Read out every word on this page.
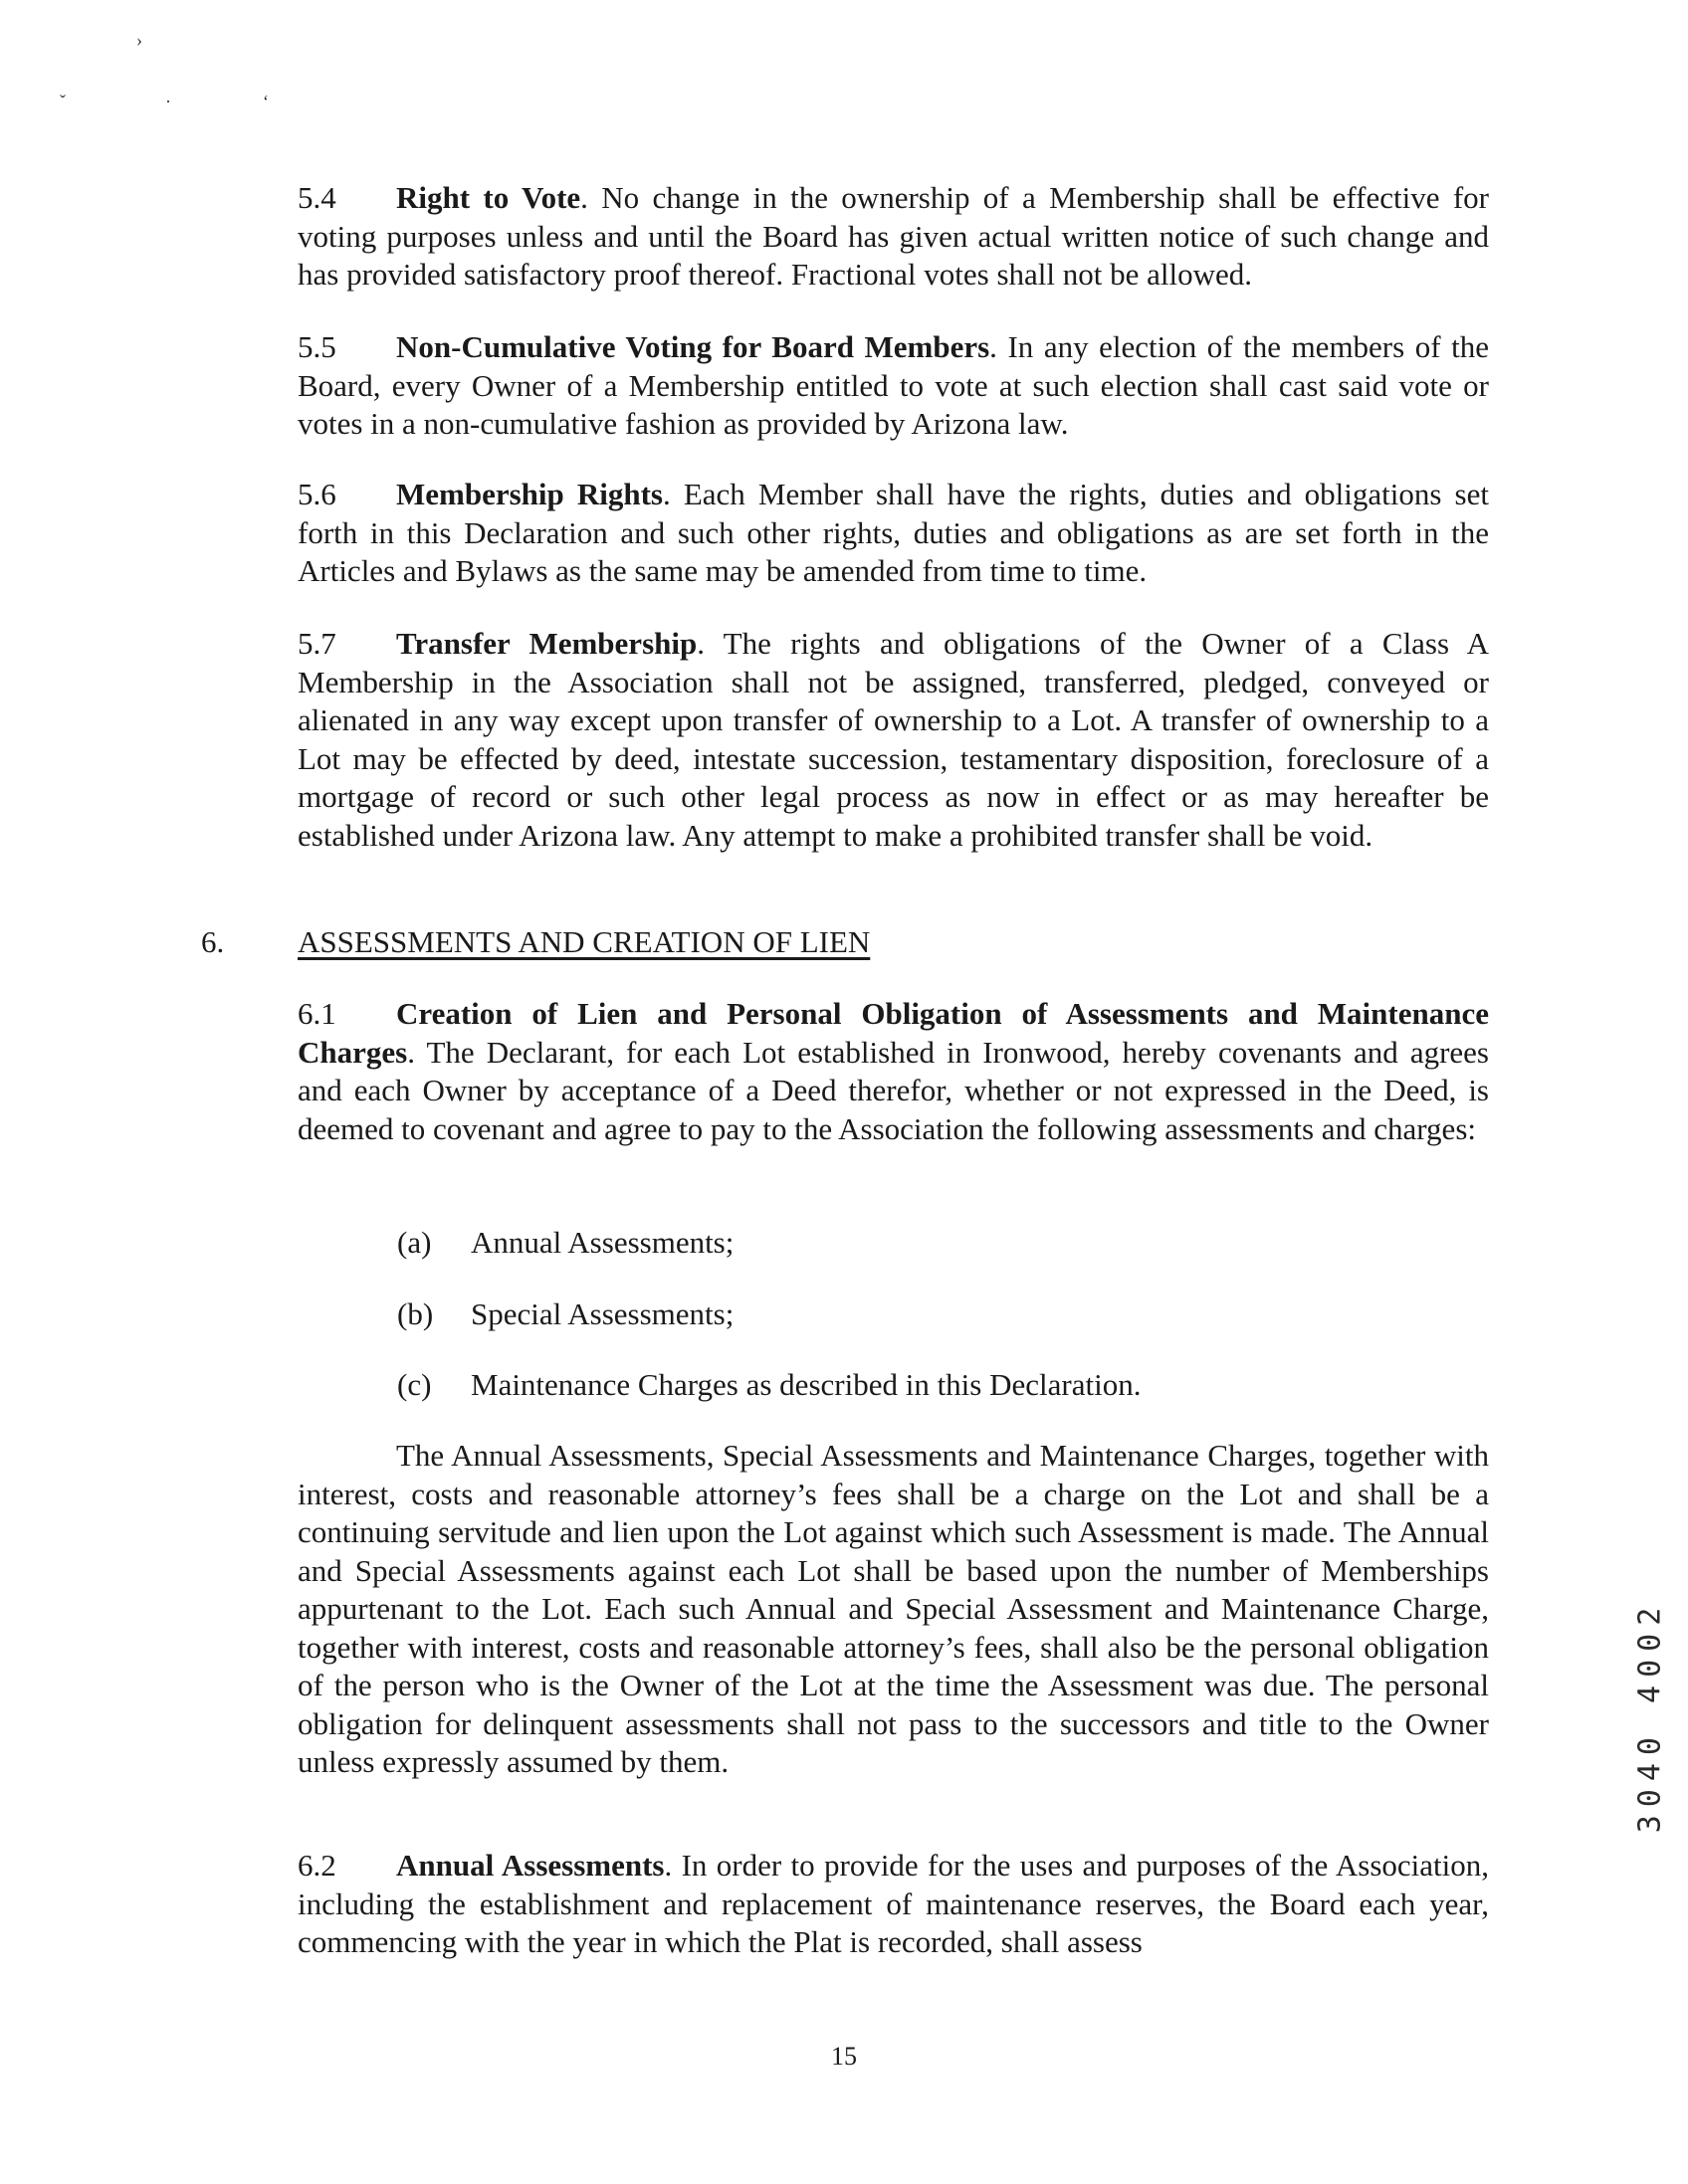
›
ˇ	·	ʻ
5.4 Right to Vote. No change in the ownership of a Membership shall be effective for voting purposes unless and until the Board has given actual written notice of such change and has provided satisfactory proof thereof. Fractional votes shall not be allowed.
5.5 Non-Cumulative Voting for Board Members. In any election of the members of the Board, every Owner of a Membership entitled to vote at such election shall cast said vote or votes in a non-cumulative fashion as provided by Arizona law.
5.6 Membership Rights. Each Member shall have the rights, duties and obligations set forth in this Declaration and such other rights, duties and obligations as are set forth in the Articles and Bylaws as the same may be amended from time to time.
5.7 Transfer Membership. The rights and obligations of the Owner of a Class A Membership in the Association shall not be assigned, transferred, pledged, conveyed or alienated in any way except upon transfer of ownership to a Lot. A transfer of ownership to a Lot may be effected by deed, intestate succession, testamentary disposition, foreclosure of a mortgage of record or such other legal process as now in effect or as may hereafter be established under Arizona law. Any attempt to make a prohibited transfer shall be void.
6. ASSESSMENTS AND CREATION OF LIEN
6.1 Creation of Lien and Personal Obligation of Assessments and Maintenance Charges. The Declarant, for each Lot established in Ironwood, hereby covenants and agrees and each Owner by acceptance of a Deed therefor, whether or not expressed in the Deed, is deemed to covenant and agree to pay to the Association the following assessments and charges:
(a) Annual Assessments;
(b) Special Assessments;
(c) Maintenance Charges as described in this Declaration.
The Annual Assessments, Special Assessments and Maintenance Charges, together with interest, costs and reasonable attorney’s fees shall be a charge on the Lot and shall be a continuing servitude and lien upon the Lot against which such Assessment is made. The Annual and Special Assessments against each Lot shall be based upon the number of Memberships appurtenant to the Lot. Each such Annual and Special Assessment and Maintenance Charge, together with interest, costs and reasonable attorney’s fees, shall also be the personal obligation of the person who is the Owner of the Lot at the time the Assessment was due. The personal obligation for delinquent assessments shall not pass to the successors and title to the Owner unless expressly assumed by them.
6.2 Annual Assessments. In order to provide for the uses and purposes of the Association, including the establishment and replacement of maintenance reserves, the Board each year, commencing with the year in which the Plat is recorded, shall assess
15
3040 4002
